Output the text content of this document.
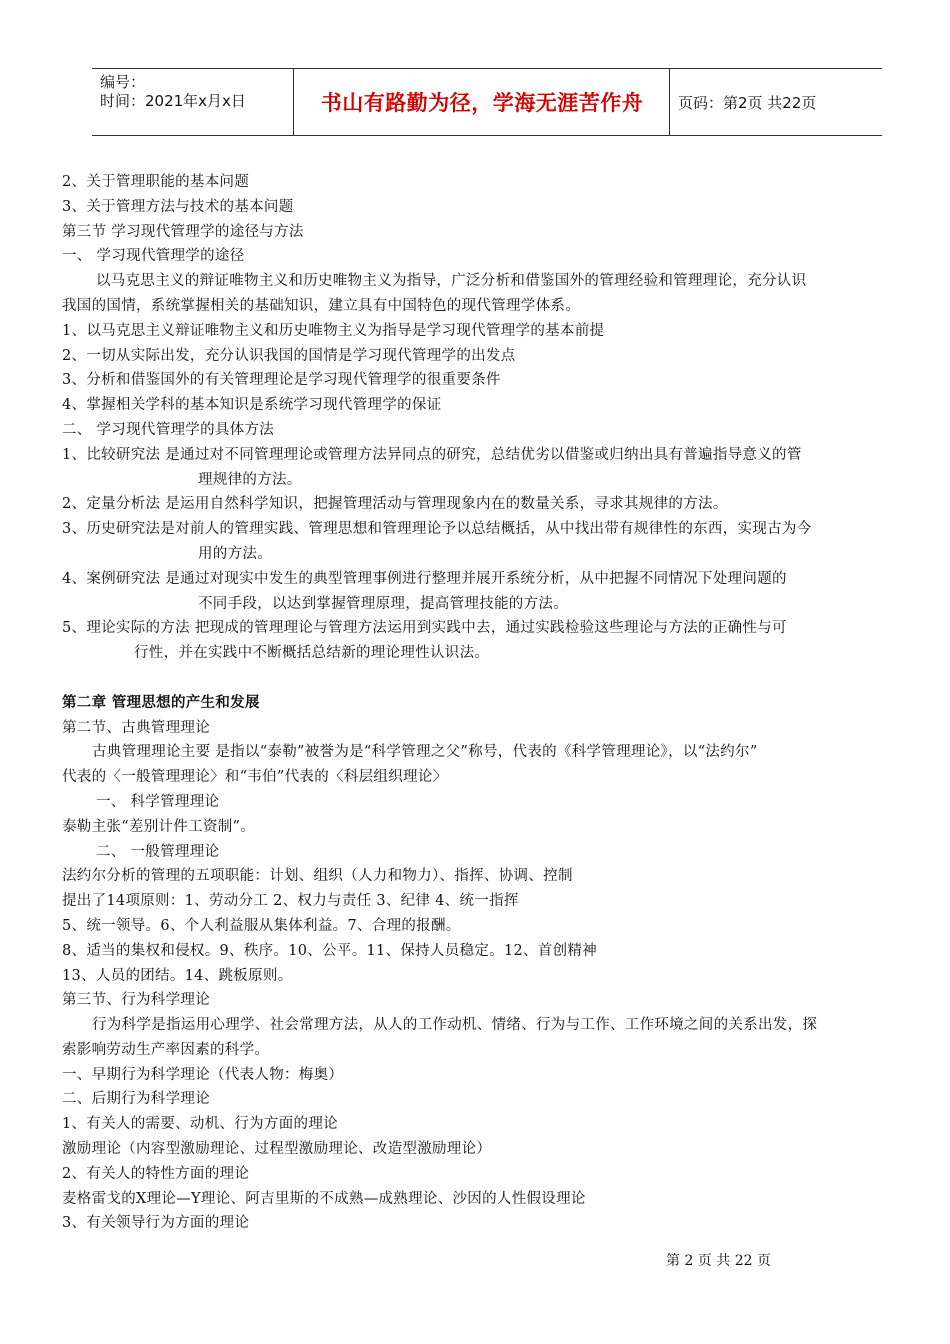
编号：
时间：2021年x月x日	书山有路勤为径，学海无涯苦作舟	页码：第2页 共22页
2、关于管理职能的基本问题
3、关于管理方法与技术的基本问题
第三节 学习现代管理学的途径与方法
一、 学习现代管理学的途径
以马克思主义的辩证唯物主义和历史唯物主义为指导，广泛分析和借鉴国外的管理经验和管理理论，充分认识
我国的国情，系统掌握相关的基础知识，建立具有中国特色的现代管理学体系。
1、以马克思主义辩证唯物主义和历史唯物主义为指导是学习现代管理学的基本前提
2、一切从实际出发，充分认识我国的国情是学习现代管理学的出发点
3、分析和借鉴国外的有关管理理论是学习现代管理学的很重要条件
4、掌握相关学科的基本知识是系统学习现代管理学的保证
二、 学习现代管理学的具体方法
1、比较研究法 是通过对不同管理理论或管理方法异同点的研究，总结优劣以借鉴或归纳出具有普遍指导意义的管
理规律的方法。
2、定量分析法 是运用自然科学知识，把握管理活动与管理现象内在的数量关系，寻求其规律的方法。
3、历史研究法是对前人的管理实践、管理思想和管理理论予以总结概括，从中找出带有规律性的东西，实现古为今
用的方法。
4、案例研究法 是通过对现实中发生的典型管理事例进行整理并展开系统分析，从中把握不同情况下处理问题的
不同手段，以达到掌握管理原理，提高管理技能的方法。
5、理论实际的方法 把现成的管理理论与管理方法运用到实践中去，通过实践检验这些理论与方法的正确性与可
行性，并在实践中不断概括总结新的理论理性认识法。
第二章 管理思想的产生和发展
第二节、古典管理理论
古典管理理论主要 是指以“泰勒”被誉为是“科学管理之父”称号，代表的《科学管理理论》，以“法约尔”
代表的〈一般管理理论〉和“韦伯”代表的〈科层组织理论〉
一、 科学管理理论
泰勒主张“差别计件工资制”。
二、 一般管理理论
法约尔分析的管理的五项职能：计划、组织（人力和物力）、指挥、协调、控制
提出了14项原则：1、劳动分工 2、权力与责任 3、纪律 4、统一指挥
5、统一领导。6、个人利益服从集体利益。7、合理的报酬。
8、适当的集权和侵权。9、秩序。10、公平。11、保持人员稳定。12、首创精神
13、人员的团结。14、跳板原则。
第三节、行为科学理论
行为科学是指运用心理学、社会常理方法，从人的工作动机、情绪、行为与工作、工作环境之间的关系出发，探
索影响劳动生产率因素的科学。
一、早期行为科学理论（代表人物：梅奥）
二、后期行为科学理论
1、有关人的需要、动机、行为方面的理论
激励理论（内容型激励理论、过程型激励理论、改造型激励理论）
2、有关人的特性方面的理论
麦格雷戈的X理论—Y理论、阿吉里斯的不成熟—成熟理论、沙因的人性假设理论
3、有关领导行为方面的理论
第 2 页 共 22 页
